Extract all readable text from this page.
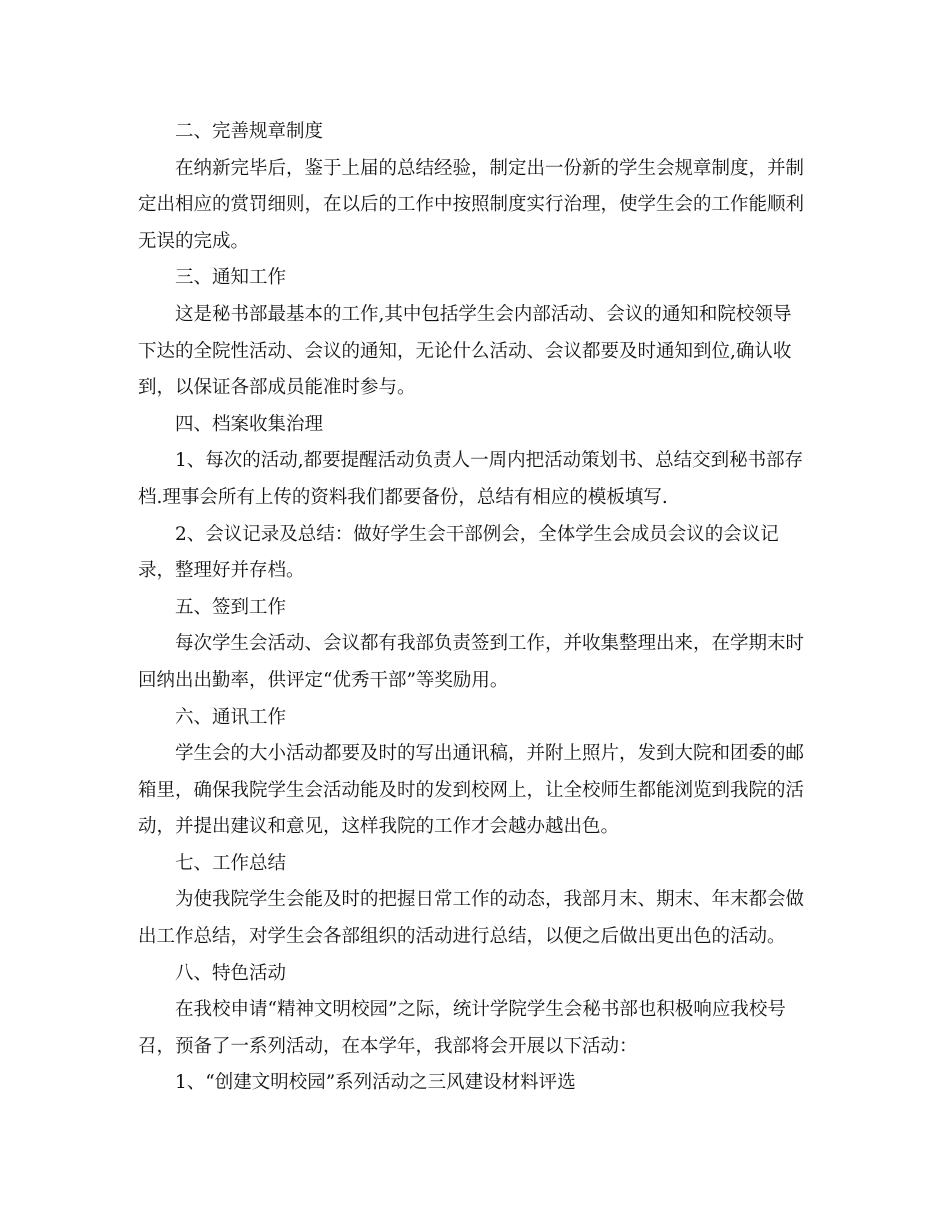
二、完善规章制度
在纳新完毕后，鉴于上届的总结经验，制定出一份新的学生会规章制度，并制
定出相应的赏罚细则，在以后的工作中按照制度实行治理，使学生会的工作能顺利
无误的完成。
三、通知工作
这是秘书部最基本的工作,其中包括学生会内部活动、会议的通知和院校领导
下达的全院性活动、会议的通知，无论什么活动、会议都要及时通知到位,确认收
到，以保证各部成员能准时参与。
四、档案收集治理
1、每次的活动,都要提醒活动负责人一周内把活动策划书、总结交到秘书部存
档.理事会所有上传的资料我们都要备份，总结有相应的模板填写.
2、会议记录及总结：做好学生会干部例会，全体学生会成员会议的会议记
录，整理好并存档。
五、签到工作
每次学生会活动、会议都有我部负责签到工作，并收集整理出来，在学期末时
回纳出出勤率，供评定“优秀干部”等奖励用。
六、通讯工作
学生会的大小活动都要及时的写出通讯稿，并附上照片，发到大院和团委的邮
箱里，确保我院学生会活动能及时的发到校网上，让全校师生都能浏览到我院的活
动，并提出建议和意见，这样我院的工作才会越办越出色。
七、工作总结
为使我院学生会能及时的把握日常工作的动态，我部月末、期末、年末都会做
出工作总结，对学生会各部组织的活动进行总结，以便之后做出更出色的活动。
八、特色活动
在我校申请“精神文明校园”之际，统计学院学生会秘书部也积极响应我校号
召，预备了一系列活动，在本学年，我部将会开展以下活动：
1、“创建文明校园”系列活动之三风建设材料评选
